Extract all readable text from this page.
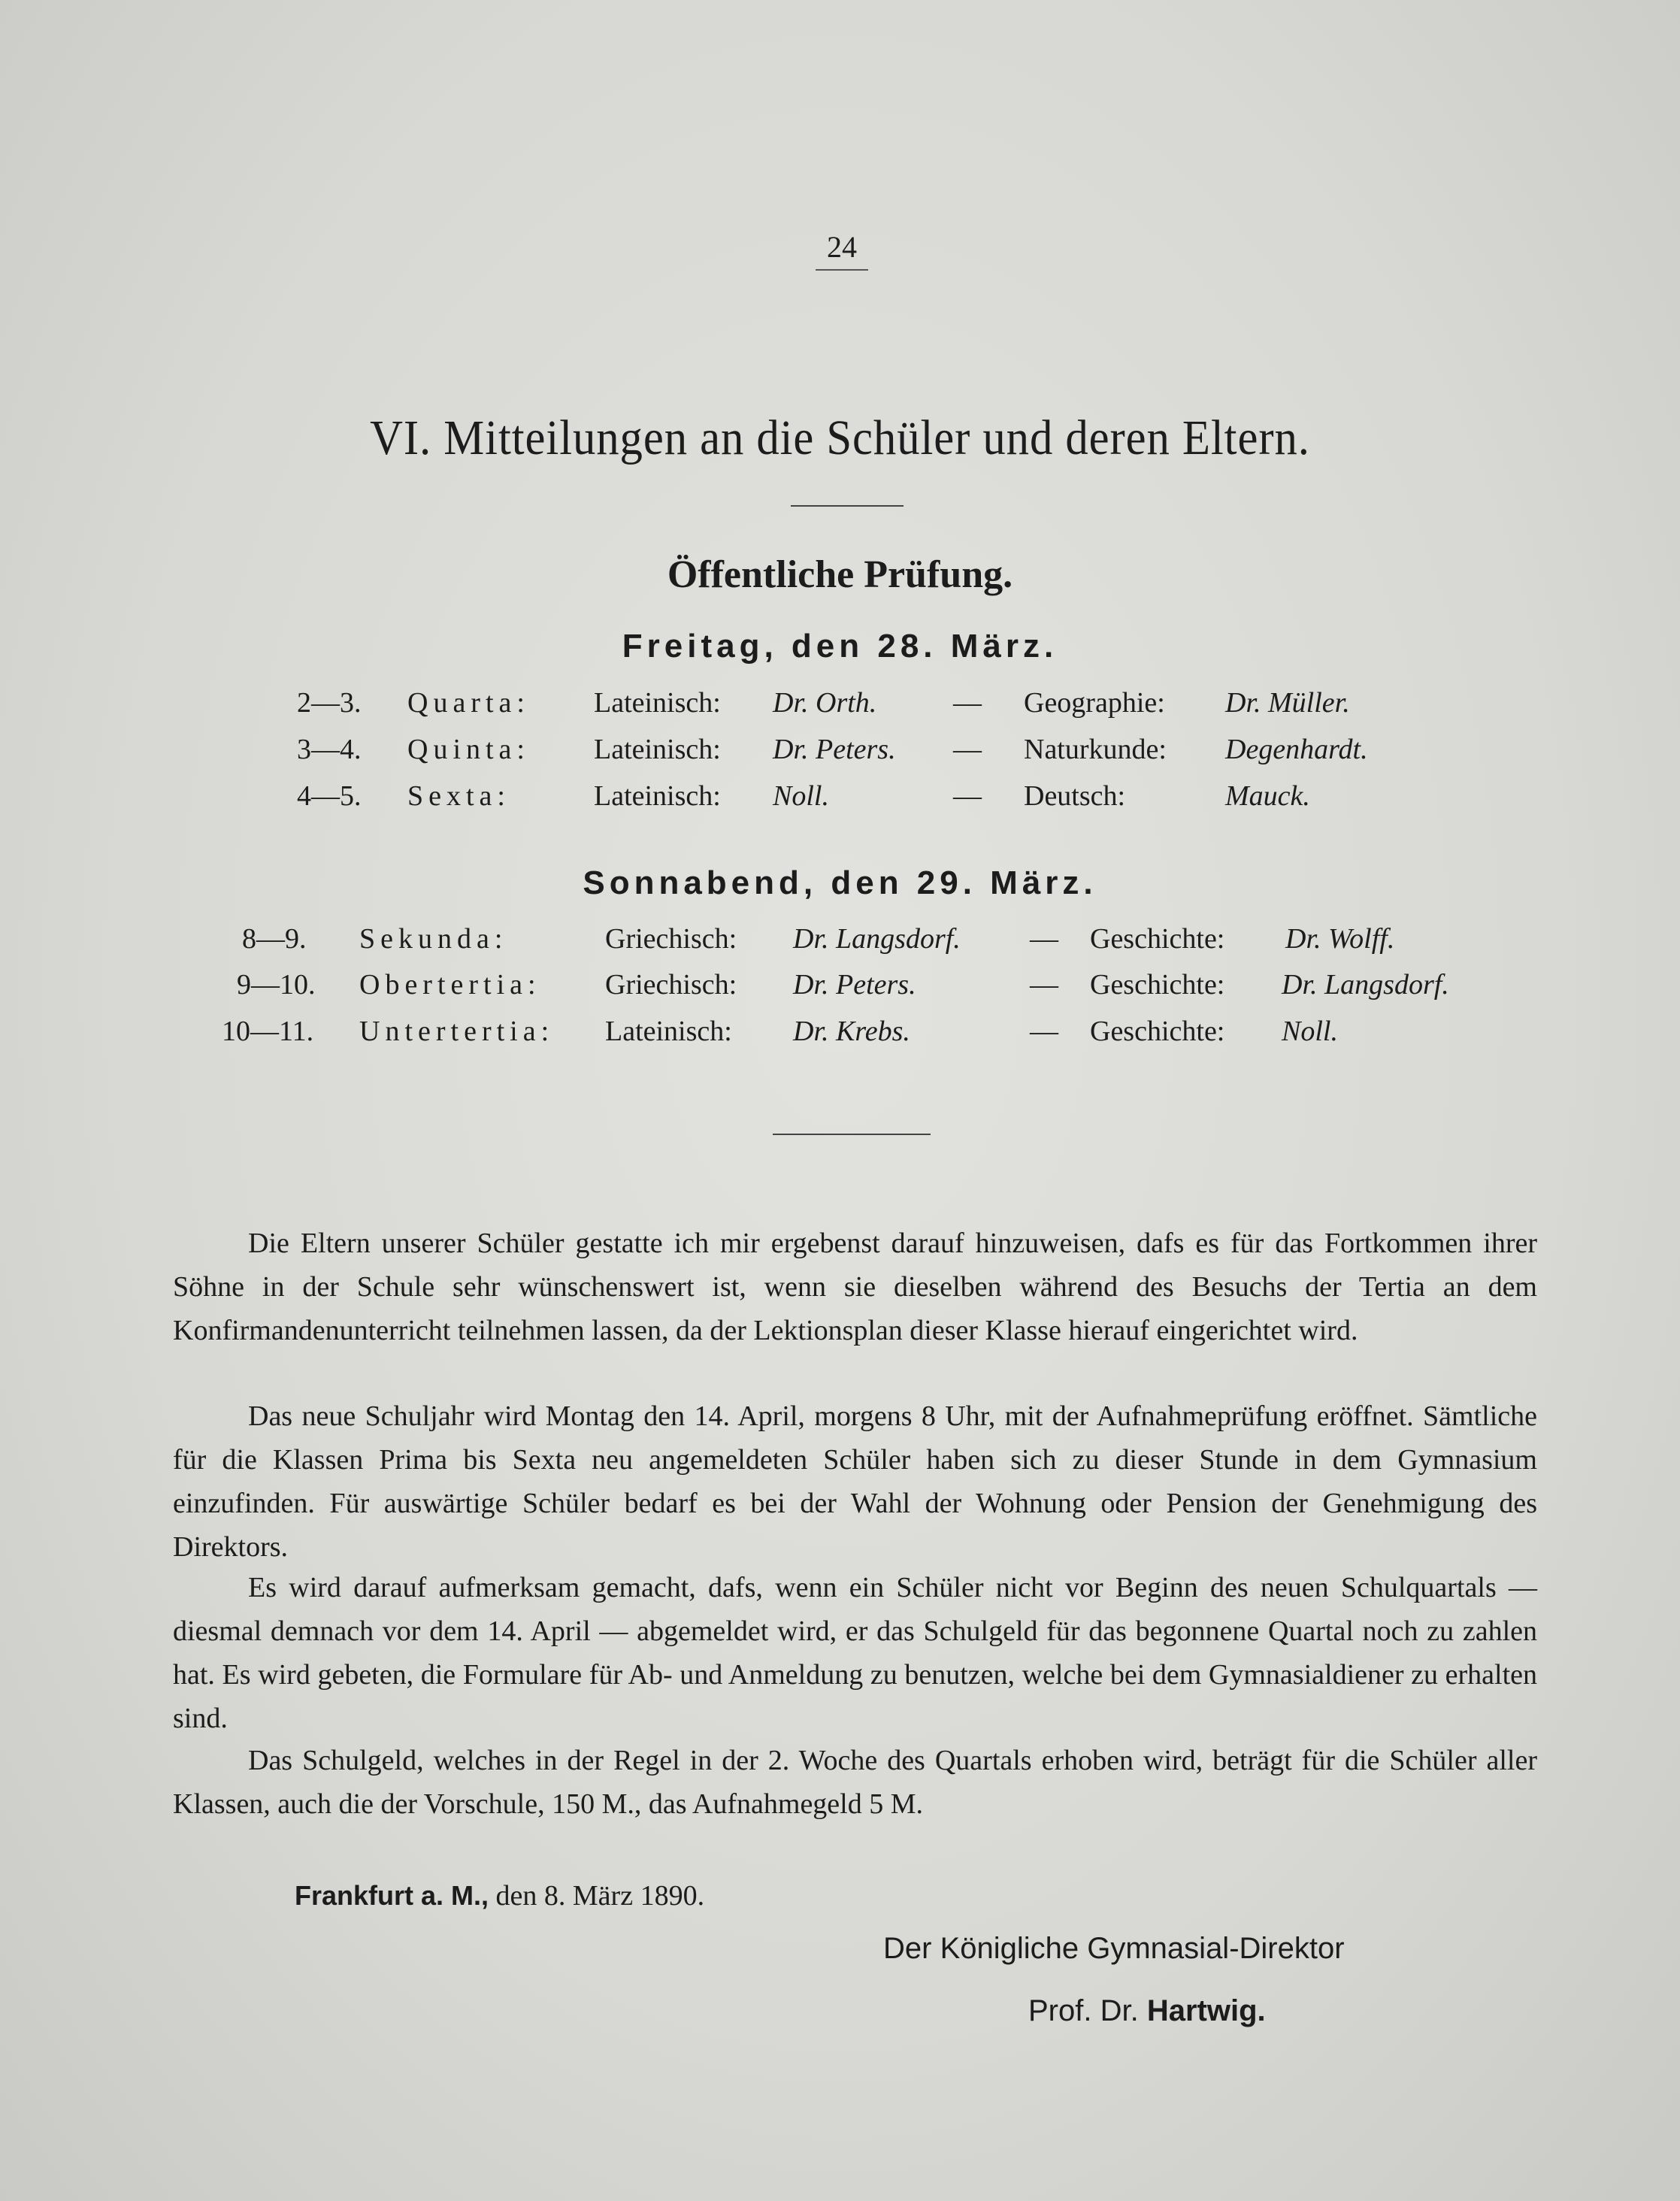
24
VI. Mitteilungen an die Schüler und deren Eltern.
Öffentliche Prüfung.
Freitag, den 28. März.
2—3. Quarta: Lateinisch: Dr. Orth.	— Geographie: Dr. Müller.
3—4. Quinta: Lateinisch: Dr. Peters. — Naturkunde: Degenhardt.
4—5. Sexta:	Lateinisch: Noll.	— Deutsch:	Mauck.
Sonnabend, den 29. März.
8—9. Sekunda:	Griechisch: Dr. Langsdorf. — Geschichte: Dr. Wolff.
9—10. Obertertia: Griechisch: Dr. Peters.	— Geschichte: Dr. Langsdorf.
10—11. Untertertia: Lateinisch: Dr. Krebs.	— Geschichte: Noll.

Die Eltern unserer Schüler gestatte ich mir ergebenst darauf hinzuweisen, dafs es für das Fortkommen ihrer Söhne in der Schule sehr wünschenswert ist, wenn sie dieselben während des Besuchs der Tertia an dem Konfirmandenunterricht teilnehmen lassen, da der Lektionsplan dieser Klasse hierauf eingerichtet wird.

Das neue Schuljahr wird Montag den 14. April, morgens 8 Uhr, mit der Aufnahmeprüfung eröffnet. Sämtliche für die Klassen Prima bis Sexta neu angemeldeten Schüler haben sich zu dieser Stunde in dem Gymnasium einzufinden. Für auswärtige Schüler bedarf es bei der Wahl der Wohnung oder Pension der Genehmigung des Direktors.

Es wird darauf aufmerksam gemacht, dafs, wenn ein Schüler nicht vor Beginn des neuen Schulquartals — diesmal demnach vor dem 14. April — abgemeldet wird, er das Schulgeld für das begonnene Quartal noch zu zahlen hat. Es wird gebeten, die Formulare für Ab- und Anmeldung zu benutzen, welche bei dem Gymnasialdiener zu erhalten sind.

Das Schulgeld, welches in der Regel in der 2. Woche des Quartals erhoben wird, beträgt für die Schüler aller Klassen, auch die der Vorschule, 150 M., das Aufnahmegeld 5 M.

Frankfurt a. M., den 8. März 1890.
Der Königliche Gymnasial-Direktor
Prof. Dr. Hartwig.
